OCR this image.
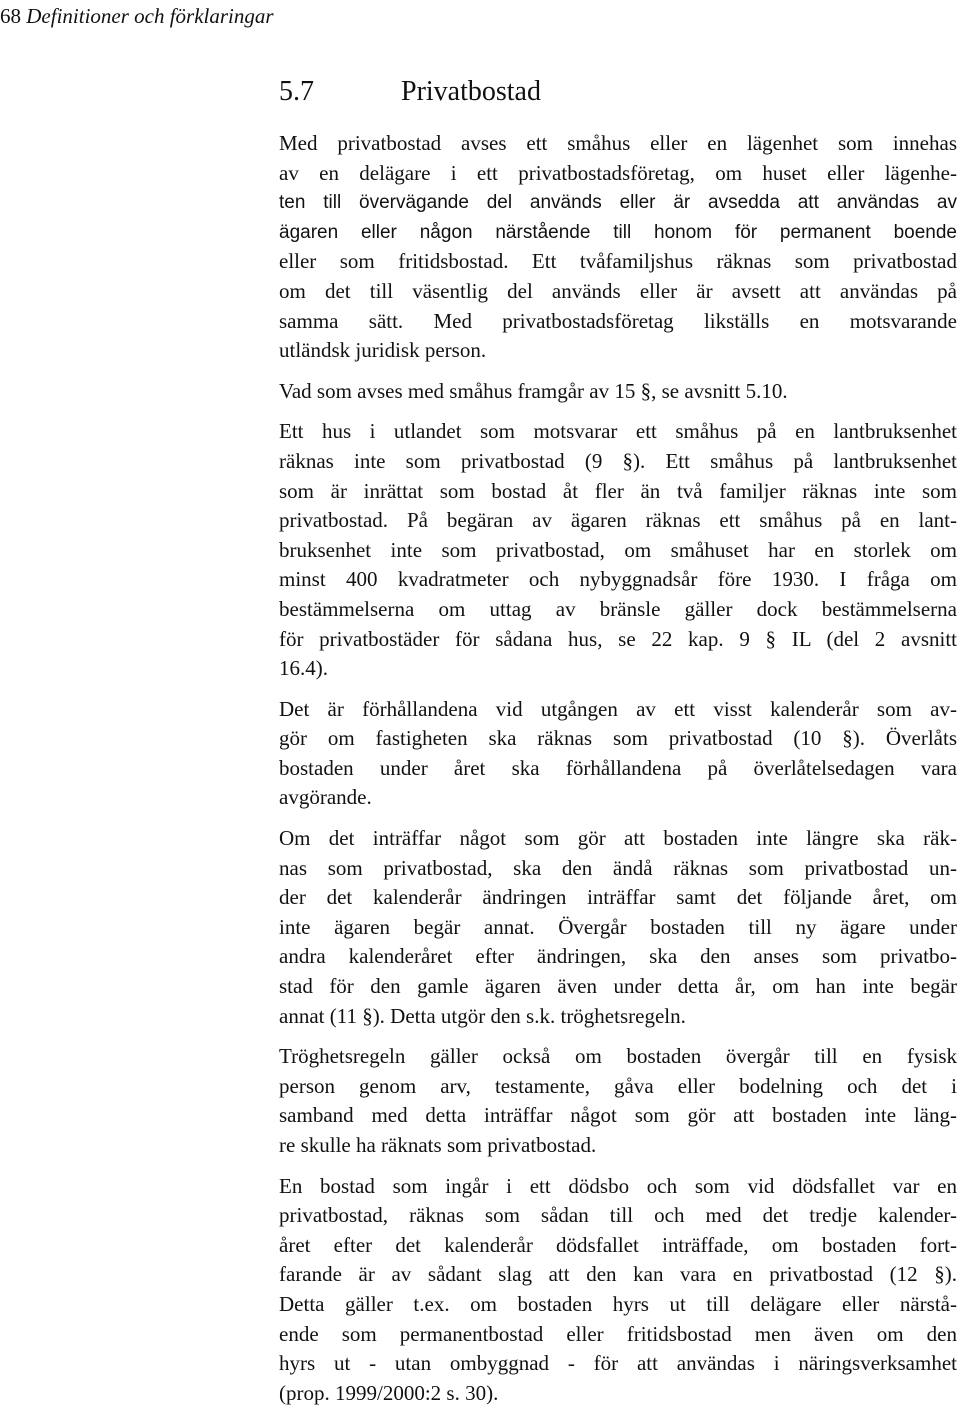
68 Definitioner och förklaringar
5.7	Privatbostad
Med privatbostad avses ett småhus eller en lägenhet som innehas
av en delägare i ett privatbostadsföretag, om huset eller lägenhe-
ten till övervägande del används eller är avsedda att användas av
ägaren eller någon närstående till honom för permanent boende
eller som fritidsbostad. Ett tvåfamiljshus räknas som privatbostad
om det till väsentlig del används eller är avsett att användas på
samma sätt. Med privatbostadsföretag likställs en motsvarande
utländsk juridisk person.
Vad som avses med småhus framgår av 15 §, se avsnitt 5.10.
Ett hus i utlandet som motsvarar ett småhus på en lantbruksenhet
räknas inte som privatbostad (9 §). Ett småhus på lantbruksenhet
som är inrättat som bostad åt fler än två familjer räknas inte som
privatbostad. På begäran av ägaren räknas ett småhus på en lant-
bruksenhet inte som privatbostad, om småhuset har en storlek om
minst 400 kvadratmeter och nybyggnadsår före 1930. I fråga om
bestämmelserna om uttag av bränsle gäller dock bestämmelserna
för privatbostäder för sådana hus, se 22 kap. 9 § IL (del 2 avsnitt
16.4).
Det är förhållandena vid utgången av ett visst kalenderår som av-
gör om fastigheten ska räknas som privatbostad (10 §). Överlåts
bostaden under året ska förhållandena på överlåtelsedagen vara
avgörande.
Om det inträffar något som gör att bostaden inte längre ska räk-
nas som privatbostad, ska den ändå räknas som privatbostad un-
der det kalenderår ändringen inträffar samt det följande året, om
inte ägaren begär annat. Övergår bostaden till ny ägare under
andra kalenderåret efter ändringen, ska den anses som privatbo-
stad för den gamle ägaren även under detta år, om han inte begär
annat (11 §). Detta utgör den s.k. tröghetsregeln.
Tröghetsregeln gäller också om bostaden övergår till en fysisk
person genom arv, testamente, gåva eller bodelning och det i
samband med detta inträffar något som gör att bostaden inte läng-
re skulle ha räknats som privatbostad.
En bostad som ingår i ett dödsbo och som vid dödsfallet var en
privatbostad, räknas som sådan till och med det tredje kalender-
året efter det kalenderår dödsfallet inträffade, om bostaden fort-
farande är av sådant slag att den kan vara en privatbostad (12 §).
Detta gäller t.ex. om bostaden hyrs ut till delägare eller närstå-
ende som permanentbostad eller fritidsbostad men även om den
hyrs ut - utan ombyggnad - för att användas i näringsverksamhet
(prop. 1999/2000:2 s. 30).
